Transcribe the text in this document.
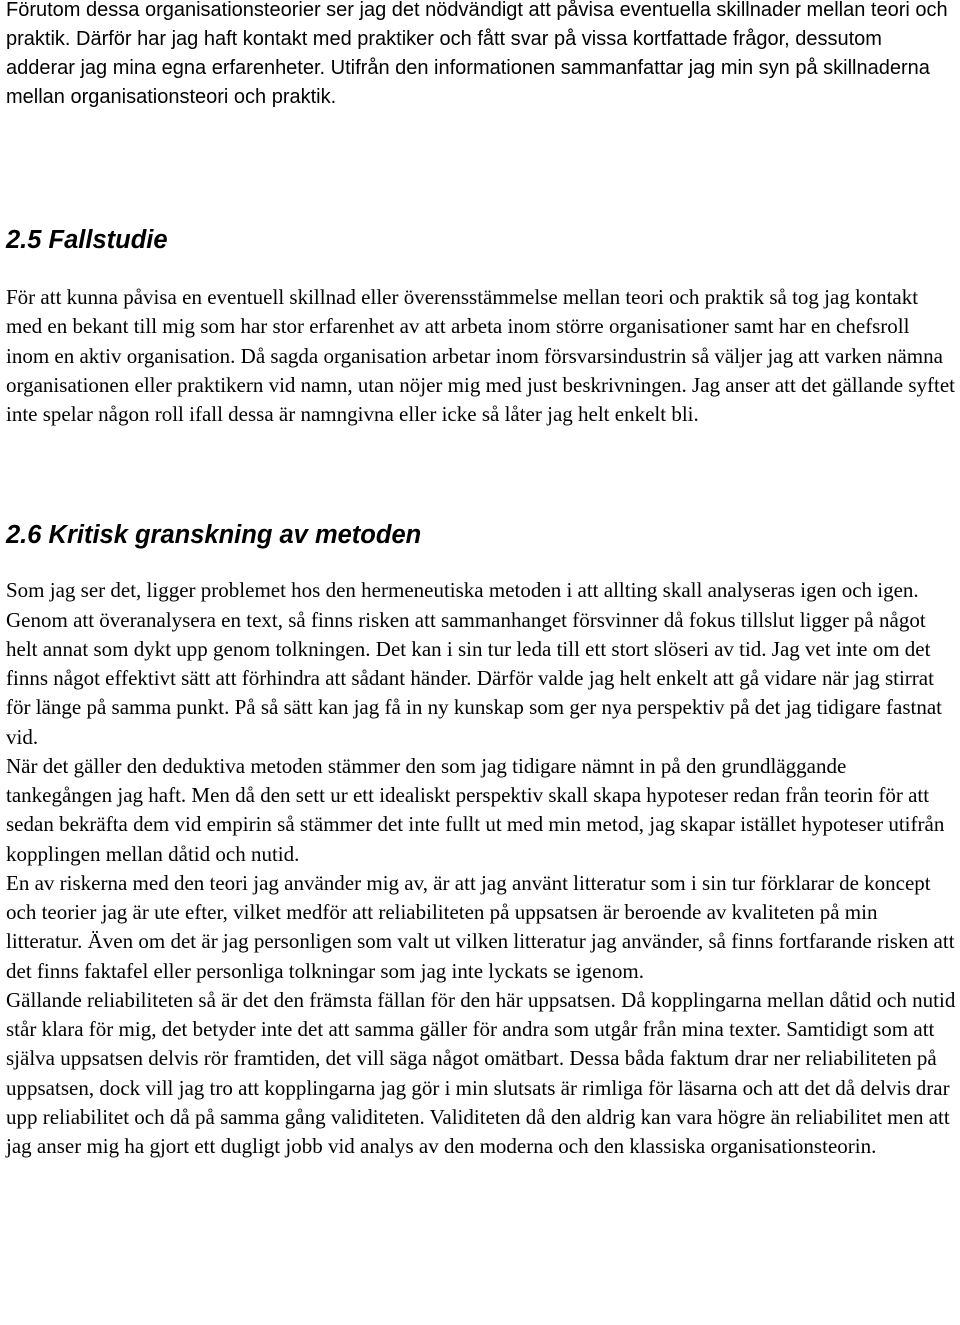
Förutom dessa organisationsteorier ser jag det nödvändigt att påvisa eventuella skillnader mellan teori och praktik. Därför har jag haft kontakt med praktiker och fått svar på vissa kortfattade frågor, dessutom adderar jag mina egna erfarenheter. Utifrån den informationen sammanfattar jag min syn på skillnaderna mellan organisationsteori och praktik.

2.5 Fallstudie

För att kunna påvisa en eventuell skillnad eller överensstämmelse mellan teori och praktik så tog jag kontakt med en bekant till mig som har stor erfarenhet av att arbeta inom större organisationer samt har en chefsroll inom en aktiv organisation. Då sagda organisation arbetar inom försvarsindustrin så väljer jag att varken nämna organisationen eller praktikern vid namn, utan nöjer mig med just beskrivningen. Jag anser att det gällande syftet inte spelar någon roll ifall dessa är namngivna eller icke så låter jag helt enkelt bli.

2.6 Kritisk granskning av metoden

Som jag ser det, ligger problemet hos den hermeneutiska metoden i att allting skall analyseras igen och igen. Genom att överanalysera en text, så finns risken att sammanhanget försvinner då fokus tillslut ligger på något helt annat som dykt upp genom tolkningen. Det kan i sin tur leda till ett stort slöseri av tid. Jag vet inte om det finns något effektivt sätt att förhindra att sådant händer. Därför valde jag helt enkelt att gå vidare när jag stirrat för länge på samma punkt. På så sätt kan jag få in ny kunskap som ger nya perspektiv på det jag tidigare fastnat vid.

När det gäller den deduktiva metoden stämmer den som jag tidigare nämnt in på den grundläggande tankegången jag haft. Men då den sett ur ett idealiskt perspektiv skall skapa hypoteser redan från teorin för att sedan bekräfta dem vid empirin så stämmer det inte fullt ut med min metod, jag skapar istället hypoteser utifrån kopplingen mellan dåtid och nutid.

En av riskerna med den teori jag använder mig av, är att jag använt litteratur som i sin tur förklarar de koncept och teorier jag är ute efter, vilket medför att reliabiliteten på uppsatsen är beroende av kvaliteten på min litteratur. Även om det är jag personligen som valt ut vilken litteratur jag använder, så finns fortfarande risken att det finns faktafel eller personliga tolkningar som jag inte lyckats se igenom.

Gällande reliabiliteten så är det den främsta fällan för den här uppsatsen. Då kopplingarna mellan dåtid och nutid står klara för mig, det betyder inte det att samma gäller för andra som utgår från mina texter. Samtidigt som att själva uppsatsen delvis rör framtiden, det vill säga något omätbart. Dessa båda faktum drar ner reliabiliteten på uppsatsen, dock vill jag tro att kopplingarna jag gör i min slutsats är rimliga för läsarna och att det då delvis drar upp reliabilitet och då på samma gång validiteten. Validiteten då den aldrig kan vara högre än reliabilitet men att jag anser mig ha gjort ett dugligt jobb vid analys av den moderna och den klassiska organisationsteorin.
